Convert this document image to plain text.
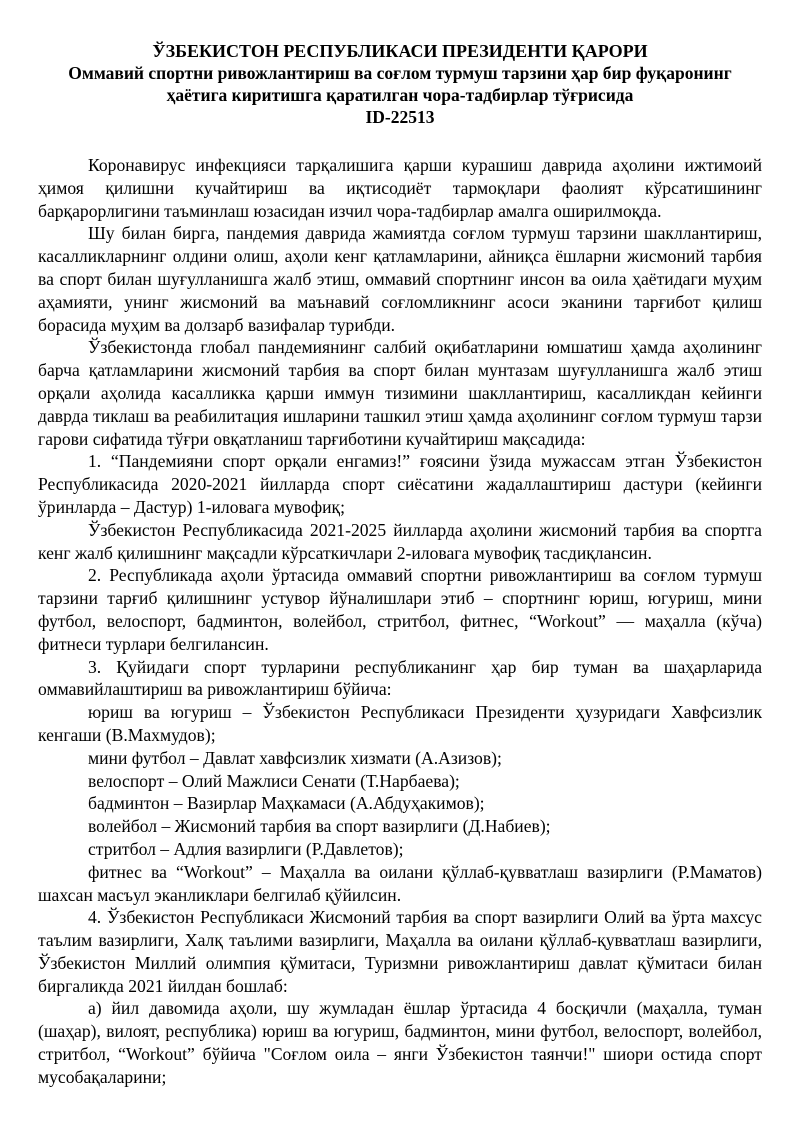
ЎЗБЕКИСТОН РЕСПУБЛИКАСИ ПРЕЗИДЕНТИ ҚАРОРИ
Оммавий спортни ривожлантириш ва соғлом турмуш тарзини ҳар бир фуқаронинг
ҳаётига киритишга қаратилган чора-тадбирлар тўғрисида
ID-22513

Коронавирус инфекцияси тарқалишига қарши курашиш даврида аҳолини ижтимоий ҳимоя қилишни кучайтириш ва иқтисодиёт тармоқлари фаолият кўрсатишининг барқарорлигини таъминлаш юзасидан изчил чора-тадбирлар амалга оширилмоқда.

Шу билан бирга, пандемия даврида жамиятда соғлом турмуш тарзини шакллантириш, касалликларнинг олдини олиш, аҳоли кенг қатламларини, айниқса ёшларни жисмоний тарбия ва спорт билан шуғулланишга жалб этиш, оммавий спортнинг инсон ва оила ҳаётидаги муҳим аҳамияти, унинг жисмоний ва маънавий соғломликнинг асоси эканини тарғибот қилиш борасида муҳим ва долзарб вазифалар турибди.

Ўзбекистонда глобал пандемиянинг салбий оқибатларини юмшатиш ҳамда аҳолининг барча қатламларини жисмоний тарбия ва спорт билан мунтазам шуғулланишга жалб этиш орқали аҳолида касалликка қарши иммун тизимини шакллантириш, касалликдан кейинги даврда тиклаш ва реабилитация ишларини ташкил этиш ҳамда аҳолининг соғлом турмуш тарзи гарови сифатида тўғри овқатланиш тарғиботини кучайтириш мақсадида:

1. “Пандемияни спорт орқали енгамиз!” ғоясини ўзида мужассам этган Ўзбекистон Республикасида 2020-2021 йилларда спорт сиёсатини жадаллаштириш дастури (кейинги ўринларда – Дастур) 1-иловага мувофиқ;

Ўзбекистон Республикасида 2021-2025 йилларда аҳолини жисмоний тарбия ва спортга кенг жалб қилишнинг мақсадли кўрсаткичлари 2-иловага мувофиқ тасдиқлансин.

2. Республикада аҳоли ўртасида оммавий спортни ривожлантириш ва соғлом турмуш тарзини тарғиб қилишнинг устувор йўналишлари этиб – спортнинг юриш, югуриш, мини футбол, велоспорт, бадминтон, волейбол, стритбол, фитнес, “Workout” — маҳалла (кўча) фитнеси турлари белгилансин.

3. Қуйидаги спорт турларини республиканинг ҳар бир туман ва шаҳарларида оммавийлаштириш ва ривожлантириш бўйича:

юриш ва югуриш – Ўзбекистон Республикаси Президенти ҳузуридаги Хавфсизлик кенгаши (В.Махмудов);

мини футбол – Давлат хавфсизлик хизмати (А.Азизов);

велоспорт – Олий Мажлиси Сенати (Т.Нарбаева);

бадминтон – Вазирлар Маҳкамаси (А.Абдуҳакимов);

волейбол – Жисмоний тарбия ва спорт вазирлиги (Д.Набиев);

стритбол – Адлия вазирлиги (Р.Давлетов);

фитнес ва “Workout” – Маҳалла ва оилани қўллаб-қувватлаш вазирлиги (Р.Маматов) шахсан масъул эканликлари белгилаб қўйилсин.

4. Ўзбекистон Республикаси Жисмоний тарбия ва спорт вазирлиги Олий ва ўрта махсус таълим вазирлиги, Халқ таълими вазирлиги, Маҳалла ва оилани қўллаб-қувватлаш вазирлиги, Ўзбекистон Миллий олимпия қўмитаси, Туризмни ривожлантириш давлат қўмитаси билан биргаликда 2021 йилдан бошлаб:

а) йил давомида аҳоли, шу жумладан ёшлар ўртасида 4 босқичли (маҳалла, туман (шаҳар), вилоят, республика) юриш ва югуриш, бадминтон, мини футбол, велоспорт, волейбол, стритбол, “Workout” бўйича "Соғлом оила – янги Ўзбекистон таянчи!" шиори остида спорт мусобақаларини;
